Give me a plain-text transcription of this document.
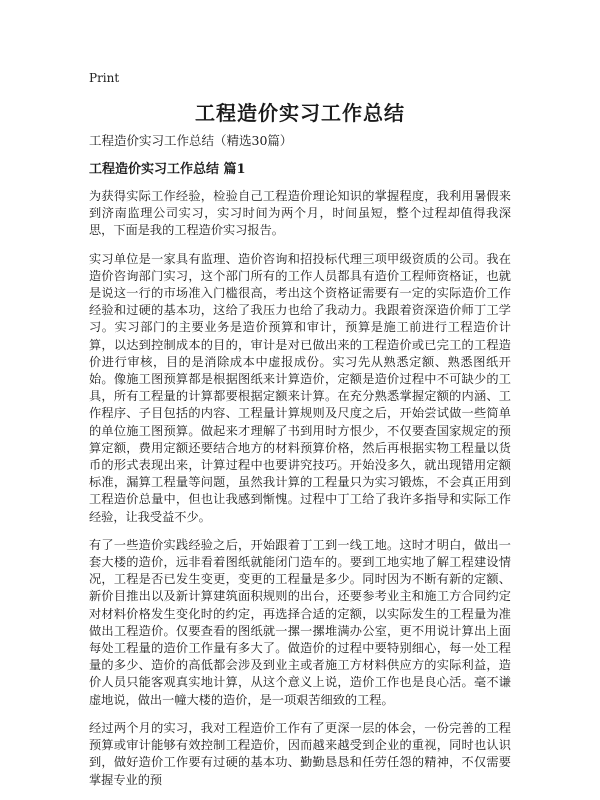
Print
工程造价实习工作总结

工程造价实习工作总结（精选30篇）

工程造价实习工作总结 篇1

为获得实际工作经验，检验自己工程造价理论知识的掌握程度，我利用暑假来到济南监理公司实习，实习时间为两个月，时间虽短，整个过程却值得我深思，下面是我的工程造价实习报告。

实习单位是一家具有监理、造价咨询和招投标代理三项甲级资质的公司。我在造价咨询部门实习，这个部门所有的工作人员都具有造价工程师资格证，也就是说这一行的市场准入门槛很高，考出这个资格证需要有一定的实际造价工作经验和过硬的基本功，这给了我压力也给了我动力。我跟着资深造价师丁工学习。实习部门的主要业务是造价预算和审计，预算是施工前进行工程造价计算，以达到控制成本的目的，审计是对已做出来的工程造价或已完工的工程造价进行审核，目的是消除成本中虚报成份。实习先从熟悉定额、熟悉图纸开始。像施工图预算都是根据图纸来计算造价，定额是造价过程中不可缺少的工具，所有工程量的计算都要根据定额来计算。在充分熟悉掌握定额的内涵、工作程序、子目包括的内容、工程量计算规则及尺度之后，开始尝试做一些简单的单位施工图预算。做起来才理解了书到用时方恨少，不仅要查国家规定的预算定额，费用定额还要结合地方的材料预算价格，然后再根据实物工程量以货币的形式表现出来，计算过程中也要讲究技巧。开始没多久，就出现错用定额标准，漏算工程量等问题，虽然我计算的工程量只为实习锻炼，不会真正用到工程造价总量中，但也让我感到惭愧。过程中丁工给了我许多指导和实际工作经验，让我受益不少。

有了一些造价实践经验之后，开始跟着丁工到一线工地。这时才明白，做出一套大楼的造价，远非看着图纸就能闭门造车的。要到工地实地了解工程建设情况，工程是否已发生变更，变更的工程量是多少。同时因为不断有新的定额、新价目推出以及新计算建筑面积规则的出台，还要参考业主和施工方合同约定对材料价格发生变化时的约定，再选择合适的定额，以实际发生的工程量为准做出工程造价。仅要查看的图纸就一摞一摞堆满办公室，更不用说计算出上面每处工程量的造价工作量有多大了。做造价的过程中要特别细心，每一处工程量的多少、造价的高低都会涉及到业主或者施工方材料供应方的实际利益，造价人员只能客观真实地计算，从这个意义上说，造价工作也是良心活。毫不谦虚地说，做出一幢大楼的造价，是一项艰苦细致的工程。

经过两个月的实习，我对工程造价工作有了更深一层的体会，一份完善的工程预算或审计能够有效控制工程造价，因而越来越受到企业的重视，同时也认识到，做好造价工作要有过硬的基本功、勤勤恳恳和任劳任怨的精神，不仅需要掌握专业的预
